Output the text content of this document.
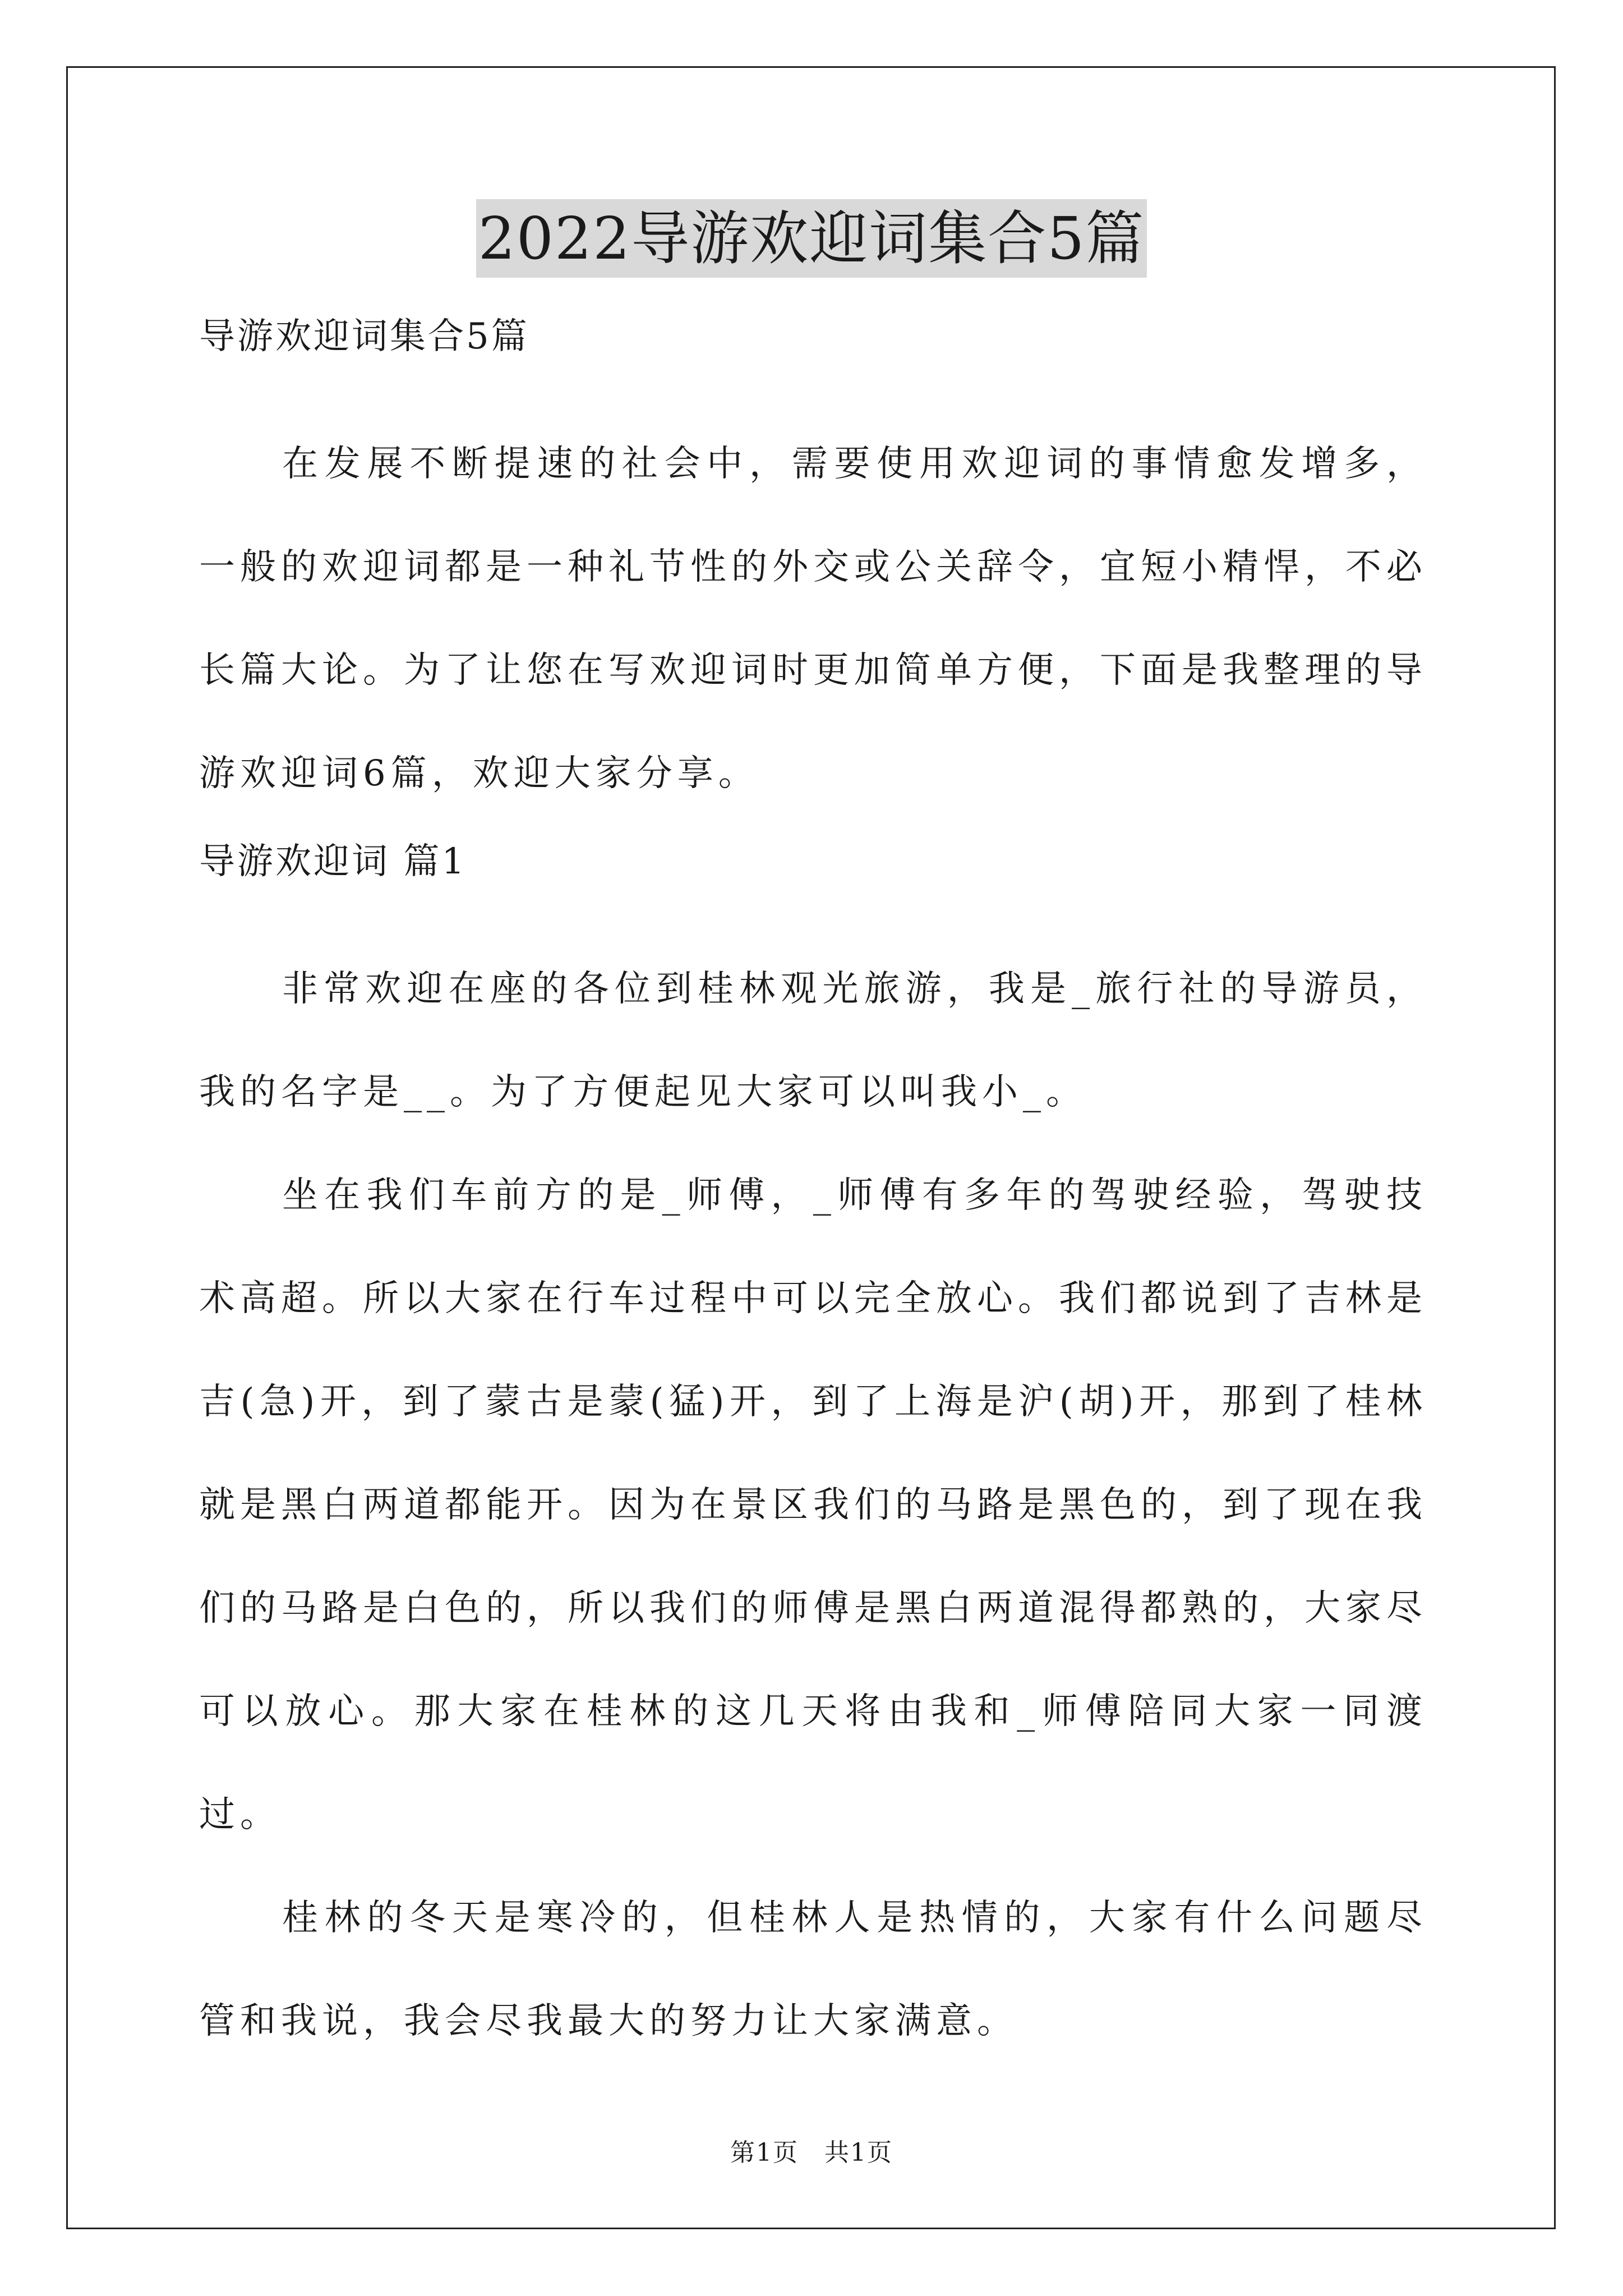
2022导游欢迎词集合5篇

导游欢迎词集合5篇

在发展不断提速的社会中，需要使用欢迎词的事情愈发增多，一般的欢迎词都是一种礼节性的外交或公关辞令，宜短小精悍，不必长篇大论。为了让您在写欢迎词时更加简单方便，下面是我整理的导游欢迎词6篇，欢迎大家分享。

导游欢迎词 篇1

非常欢迎在座的各位到桂林观光旅游，我是_旅行社的导游员，我的名字是__。为了方便起见大家可以叫我小_。

坐在我们车前方的是_师傅，_师傅有多年的驾驶经验，驾驶技术高超。所以大家在行车过程中可以完全放心。我们都说到了吉林是吉(急)开，到了蒙古是蒙(猛)开，到了上海是沪(胡)开，那到了桂林就是黑白两道都能开。因为在景区我们的马路是黑色的，到了现在我们的马路是白色的，所以我们的师傅是黑白两道混得都熟的，大家尽可以放心。那大家在桂林的这几天将由我和_师傅陪同大家一同渡过。

桂林的冬天是寒冷的，但桂林人是热情的，大家有什么问题尽管和我说，我会尽我最大的努力让大家满意。

第1页　共1页
